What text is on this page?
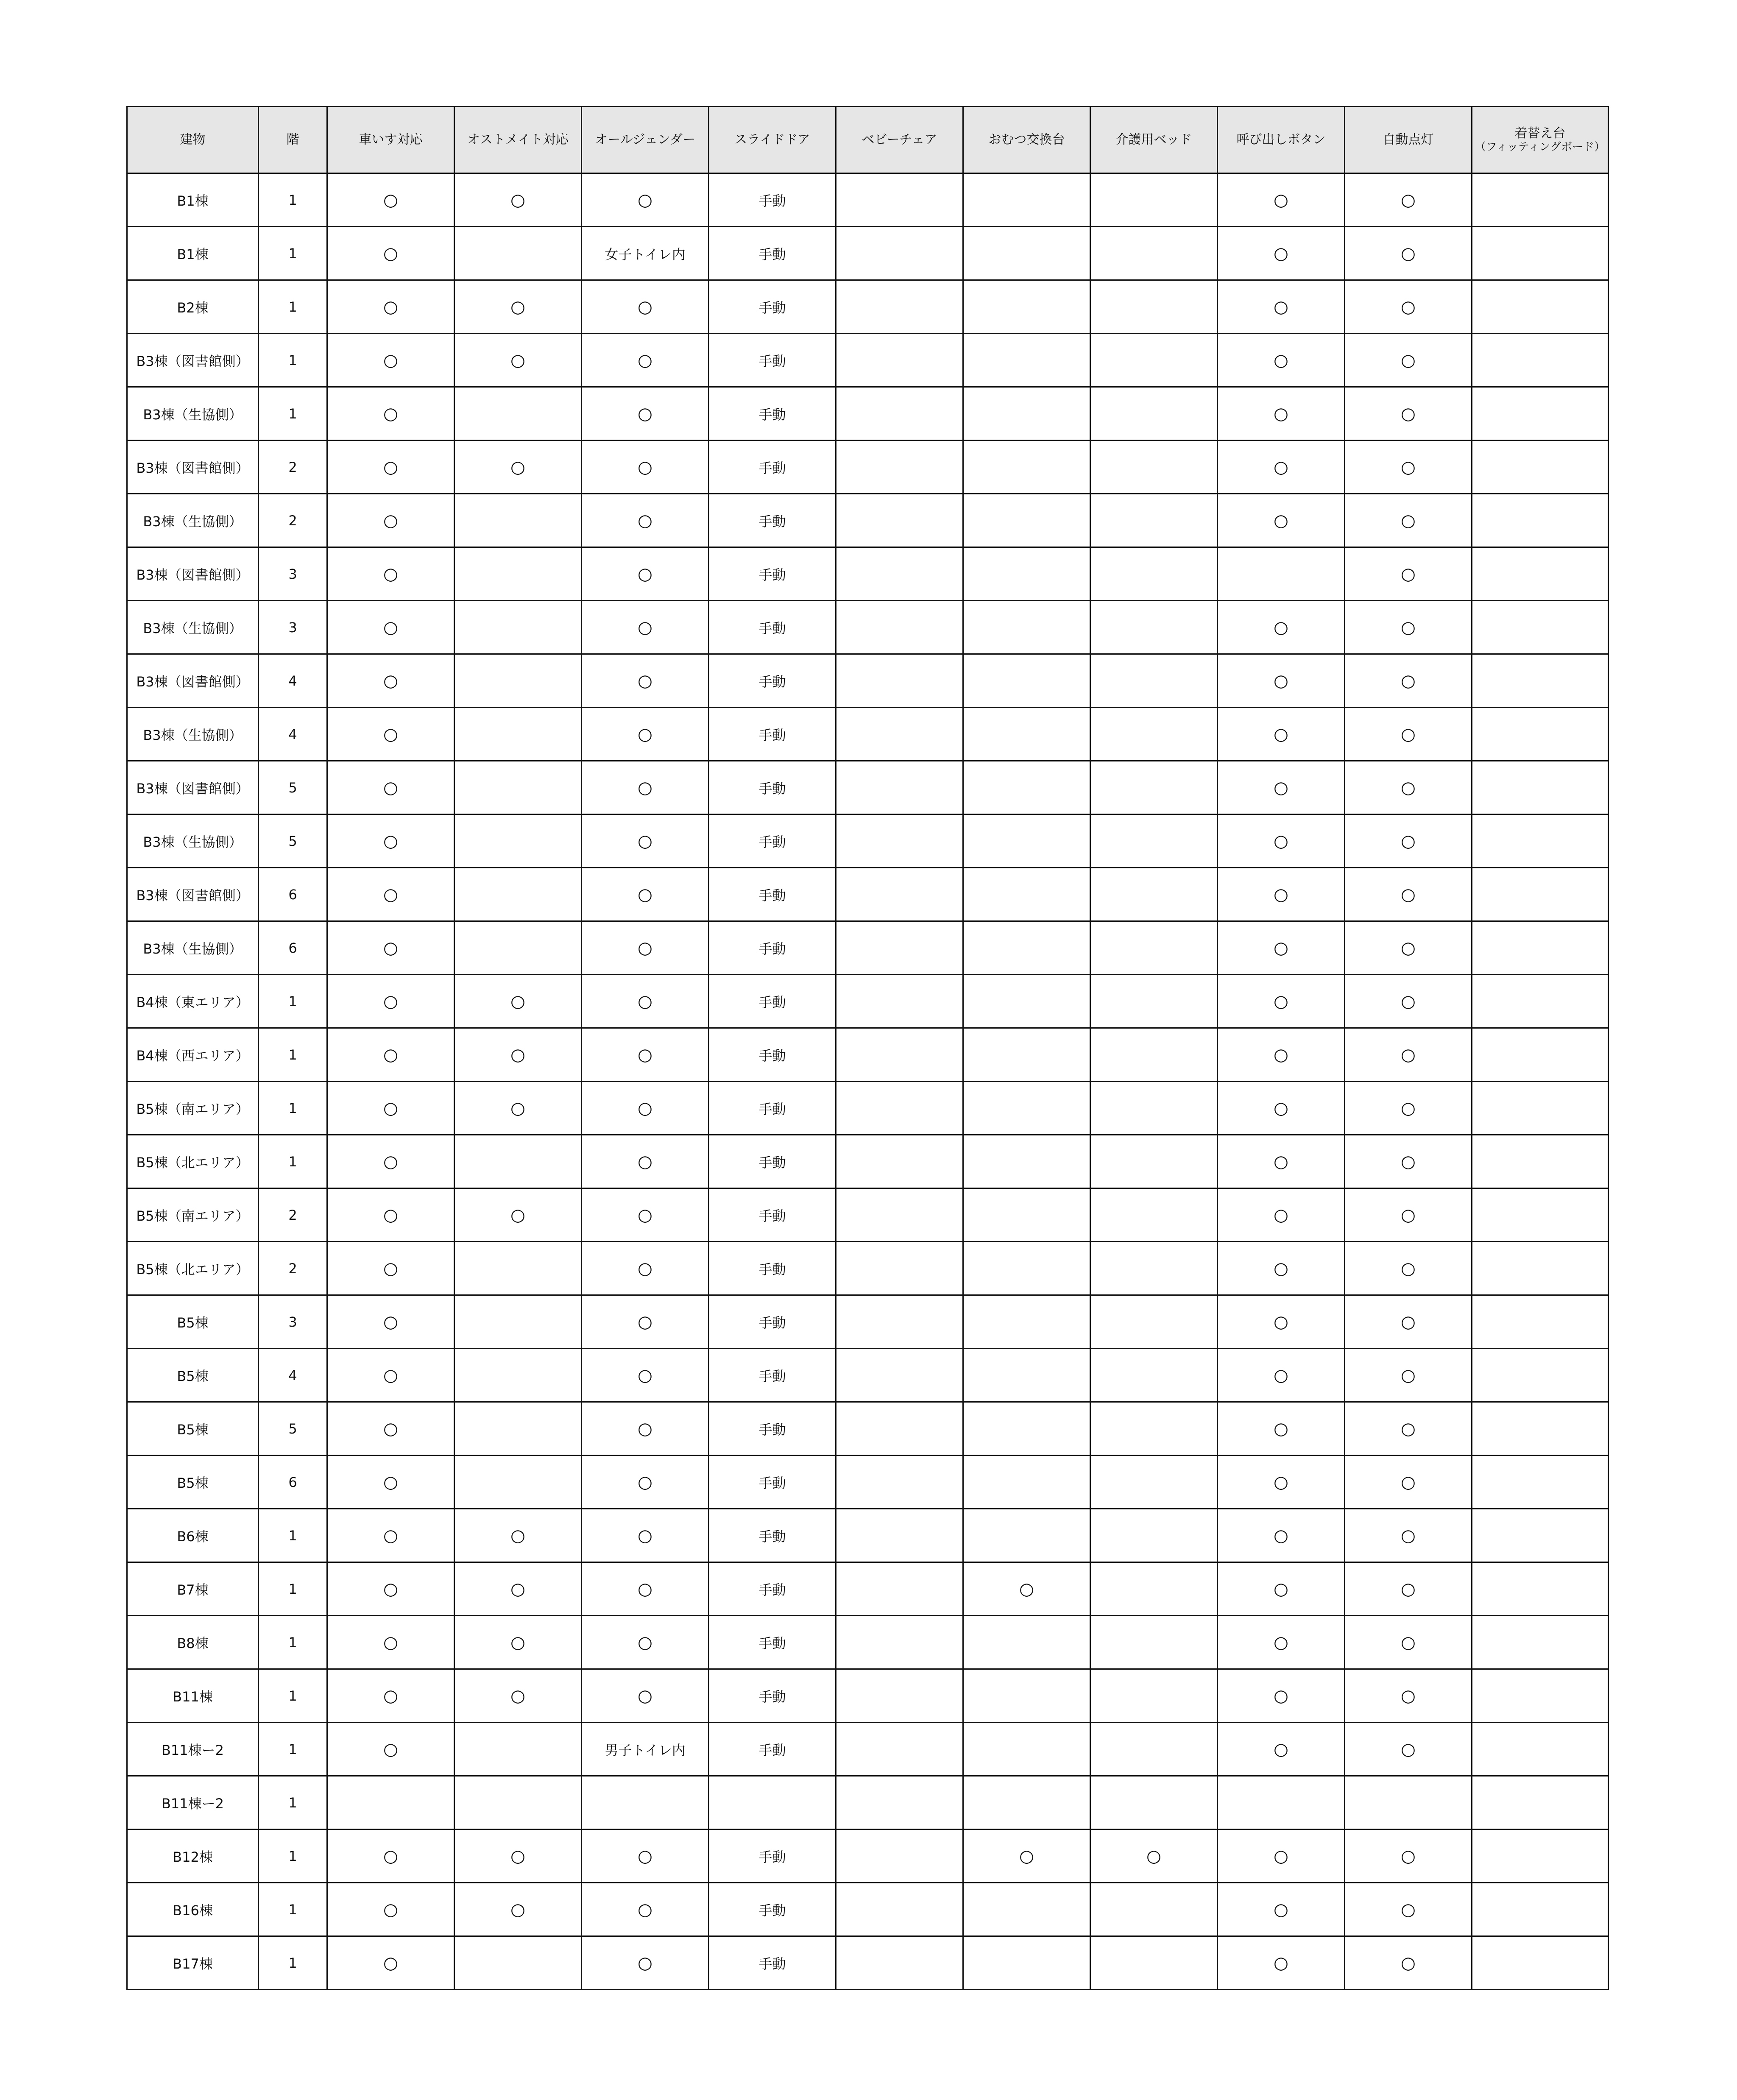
建物	階	車いす対応	オストメイト対応	オールジェンダー	スライドドア	ベビーチェア	おむつ交換台	介護用ベッド	呼び出しボタン	自動点灯	着替え台
（フィッティングボード）

B1棟	1	○	○	○	手動				○	○	
B1棟	1	○		女子トイレ内	手動				○	○	
B2棟	1	○	○	○	手動				○	○	
B3棟（図書館側）	1	○	○	○	手動				○	○	
B3棟（生協側）	1	○		○	手動				○	○	
B3棟（図書館側）	2	○	○	○	手動				○	○	
B3棟（生協側）	2	○		○	手動				○	○	
B3棟（図書館側）	3	○		○	手動					○	
B3棟（生協側）	3	○		○	手動				○	○	
B3棟（図書館側）	4	○		○	手動				○	○	
B3棟（生協側）	4	○		○	手動				○	○	
B3棟（図書館側）	5	○		○	手動				○	○	
B3棟（生協側）	5	○		○	手動				○	○	
B3棟（図書館側）	6	○		○	手動				○	○	
B3棟（生協側）	6	○		○	手動				○	○	
B4棟（東エリア）	1	○	○	○	手動				○	○	
B4棟（西エリア）	1	○	○	○	手動				○	○	
B5棟（南エリア）	1	○	○	○	手動				○	○	
B5棟（北エリア）	1	○		○	手動				○	○	
B5棟（南エリア）	2	○	○	○	手動				○	○	
B5棟（北エリア）	2	○		○	手動				○	○	
B5棟	3	○		○	手動				○	○	
B5棟	4	○		○	手動				○	○	
B5棟	5	○		○	手動				○	○	
B5棟	6	○		○	手動				○	○	
B6棟	1	○	○	○	手動				○	○	
B7棟	1	○	○	○	手動		○		○	○	
B8棟	1	○	○	○	手動				○	○	
B11棟	1	○	○	○	手動				○	○	
B11棟ー2	1	○		男子トイレ内	手動				○	○	
B11棟ー2	1										
B12棟	1	○	○	○	手動		○	○	○	○	
B16棟	1	○	○	○	手動				○	○	
B17棟	1	○		○	手動				○	○	
